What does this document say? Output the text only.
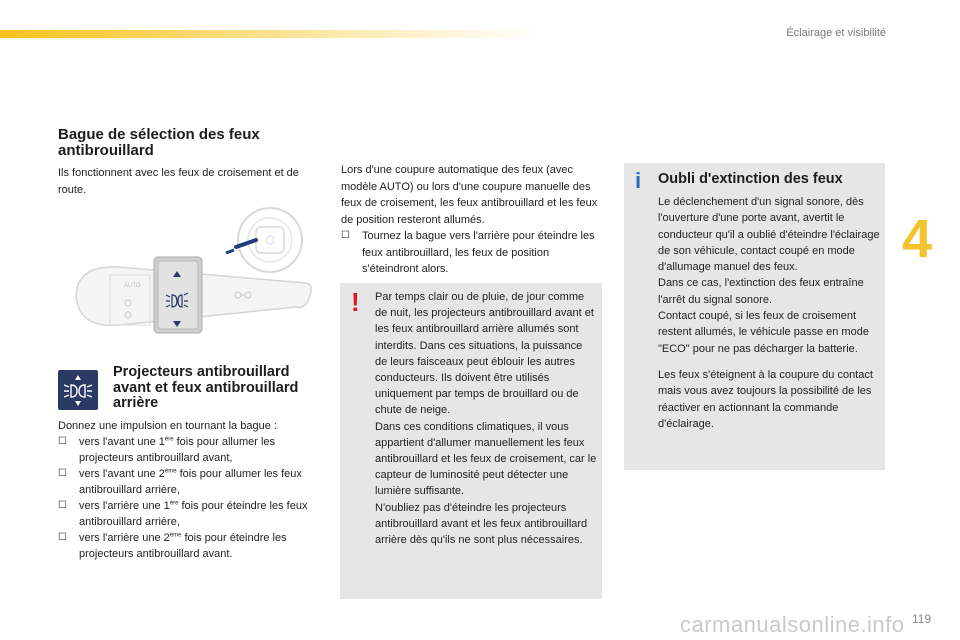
Éclairage et visibilité
4
Bague de sélection des feux antibrouillard
Ils fonctionnent avec les feux de croisement et de route.
AUTO
Projecteurs antibrouillard avant et feux antibrouillard arrière
Donnez une impulsion en tournant la bague :
☐ vers l'avant une 1ère fois pour allumer les projecteurs antibrouillard avant,
☐ vers l'avant une 2ème fois pour allumer les feux antibrouillard arrière,
☐ vers l'arrière une 1ère fois pour éteindre les feux antibrouillard arrière,
☐ vers l'arrière une 2ème fois pour éteindre les projecteurs antibrouillard avant.
Lors d'une coupure automatique des feux (avec modèle AUTO) ou lors d'une coupure manuelle des feux de croisement, les feux antibrouillard et les feux de position resteront allumés.
☐ Tournez la bague vers l'arrière pour éteindre les feux antibrouillard, les feux de position s'éteindront alors.
! Par temps clair ou de pluie, de jour comme de nuit, les projecteurs antibrouillard avant et les feux antibrouillard arrière allumés sont interdits. Dans ces situations, la puissance de leurs faisceaux peut éblouir les autres conducteurs. Ils doivent être utilisés uniquement par temps de brouillard ou de chute de neige.
Dans ces conditions climatiques, il vous appartient d'allumer manuellement les feux antibrouillard et les feux de croisement, car le capteur de luminosité peut détecter une lumière suffisante.
N'oubliez pas d'éteindre les projecteurs antibrouillard avant et les feux antibrouillard arrière dès qu'ils ne sont plus nécessaires.
i Oubli d'extinction des feux

Le déclenchement d'un signal sonore, dès l'ouverture d'une porte avant, avertit le conducteur qu'il a oublié d'éteindre l'éclairage de son véhicule, contact coupé en mode d'allumage manuel des feux.
Dans ce cas, l'extinction des feux entraîne l'arrêt du signal sonore.
Contact coupé, si les feux de croisement restent allumés, le véhicule passe en mode "ECO" pour ne pas décharger la batterie.

Les feux s'éteignent à la coupure du contact mais vous avez toujours la possibilité de les réactiver en actionnant la commande d'éclairage.

carmanualsonline.info 119
